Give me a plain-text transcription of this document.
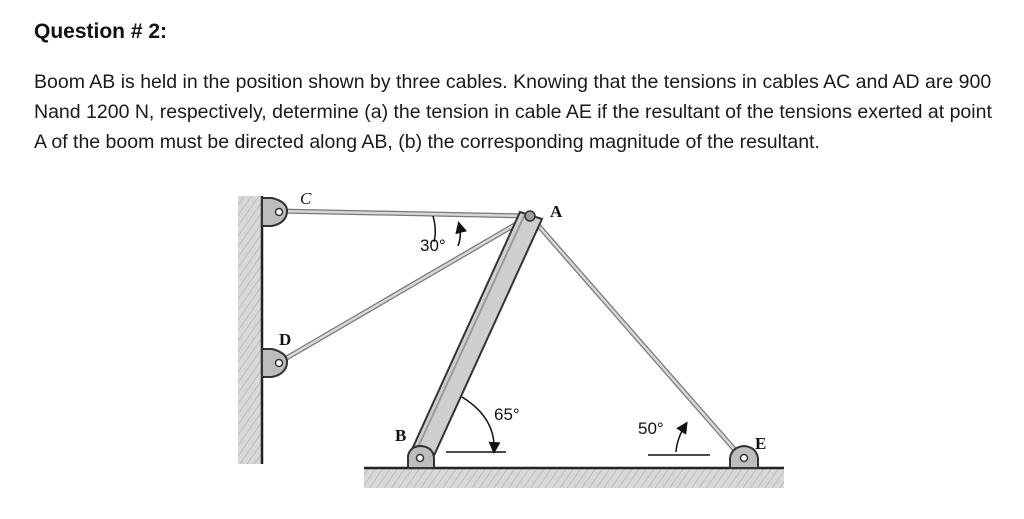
Question # 2:
Boom AB is held in the position shown by three cables. Knowing that the tensions in cables AC and AD are 900 Nand 1200 N, respectively, determine (a) the tension in cable AE if the resultant of the tensions exerted at point A of the boom must be directed along AB, (b) the corresponding magnitude of the resultant.
C
A
D
B	E
30°
65°
50°
